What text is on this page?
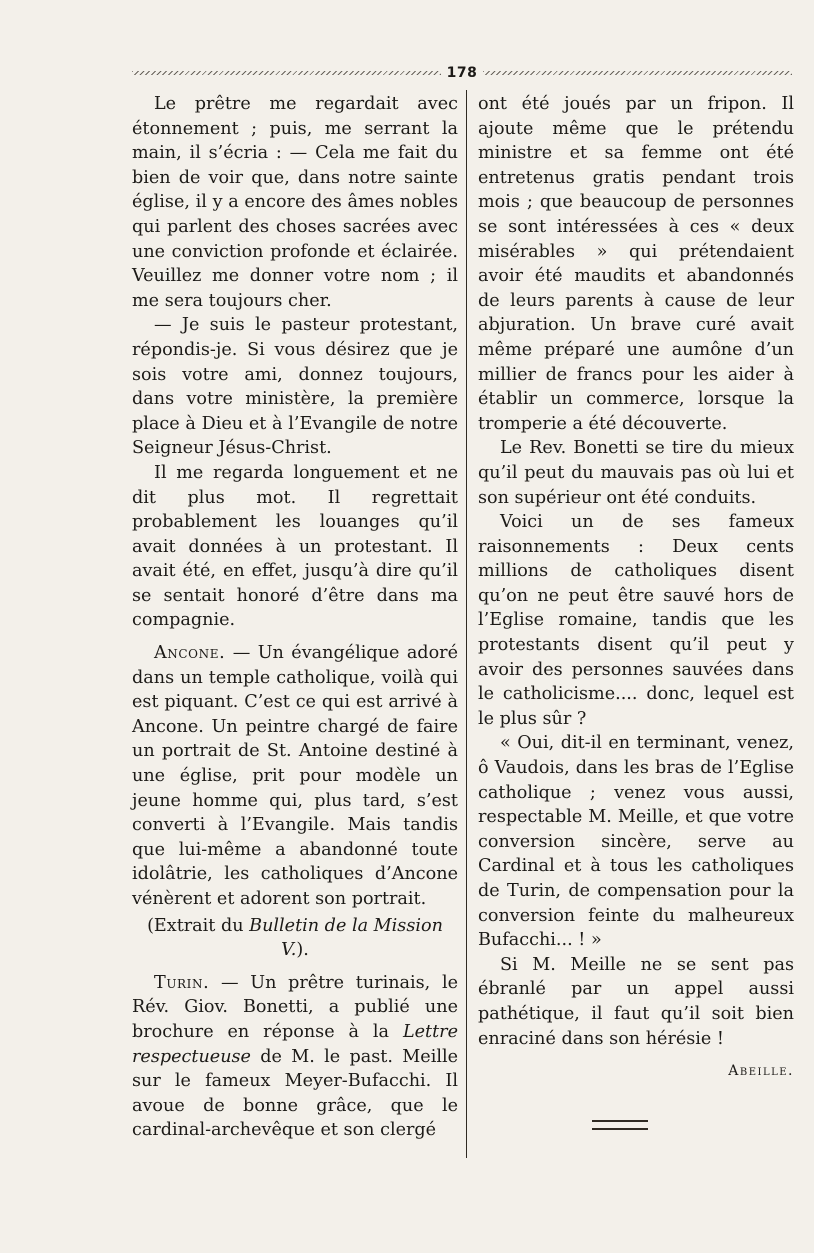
178

Le prêtre me regardait avec étonnement ; puis, me serrant la main, il s’écria : — Cela me fait du bien de voir que, dans notre sainte église, il y a encore des âmes nobles qui parlent des choses sacrées avec une conviction profonde et éclairée. Veuillez me donner votre nom ; il me sera toujours cher.

— Je suis le pasteur protestant, répondis-je. Si vous désirez que je sois votre ami, donnez toujours, dans votre ministère, la première place à Dieu et à l’Evangile de notre Seigneur Jésus-Christ.

Il me regarda longuement et ne dit plus mot. Il regrettait probablement les louanges qu’il avait données à un protestant. Il avait été, en effet, jusqu’à dire qu’il se sentait honoré d’être dans ma compagnie.

Ancone. — Un évangélique adoré dans un temple catholique, voilà qui est piquant. C’est ce qui est arrivé à Ancone. Un peintre chargé de faire un portrait de St. Antoine destiné à une église, prit pour modèle un jeune homme qui, plus tard, s’est converti à l’Evangile. Mais tandis que lui-même a abandonné toute idolâtrie, les catholiques d’Ancone vénèrent et adorent son portrait.

(Extrait du Bulletin de la Mission V.).

Turin. — Un prêtre turinais, le Rév. Giov. Bonetti, a publié une brochure en réponse à la Lettre respectueuse de M. le past. Meille sur le fameux Meyer-Bufacchi. Il avoue de bonne grâce, que le cardinal-archevêque et son clergé

ont été joués par un fripon. Il ajoute même que le prétendu ministre et sa femme ont été entretenus gratis pendant trois mois ; que beaucoup de personnes se sont intéressées à ces « deux misérables » qui prétendaient avoir été maudits et abandonnés de leurs parents à cause de leur abjuration. Un brave curé avait même préparé une aumône d’un millier de francs pour les aider à établir un commerce, lorsque la tromperie a été découverte.

Le Rev. Bonetti se tire du mieux qu’il peut du mauvais pas où lui et son supérieur ont été conduits.

Voici un de ses fameux raisonnements : Deux cents millions de catholiques disent qu’on ne peut être sauvé hors de l’Eglise romaine, tandis que les protestants disent qu’il peut y avoir des personnes sauvées dans le catholicisme.... donc, lequel est le plus sûr ?

« Oui, dit-il en terminant, venez, ô Vaudois, dans les bras de l’Eglise catholique ; venez vous aussi, respectable M. Meille, et que votre conversion sincère, serve au Cardinal et à tous les catholiques de Turin, de compensation pour la conversion feinte du malheureux Bufacchi... ! »

Si M. Meille ne se sent pas ébranlé par un appel aussi pathétique, il faut qu’il soit bien enraciné dans son hérésie !

Abeille.
